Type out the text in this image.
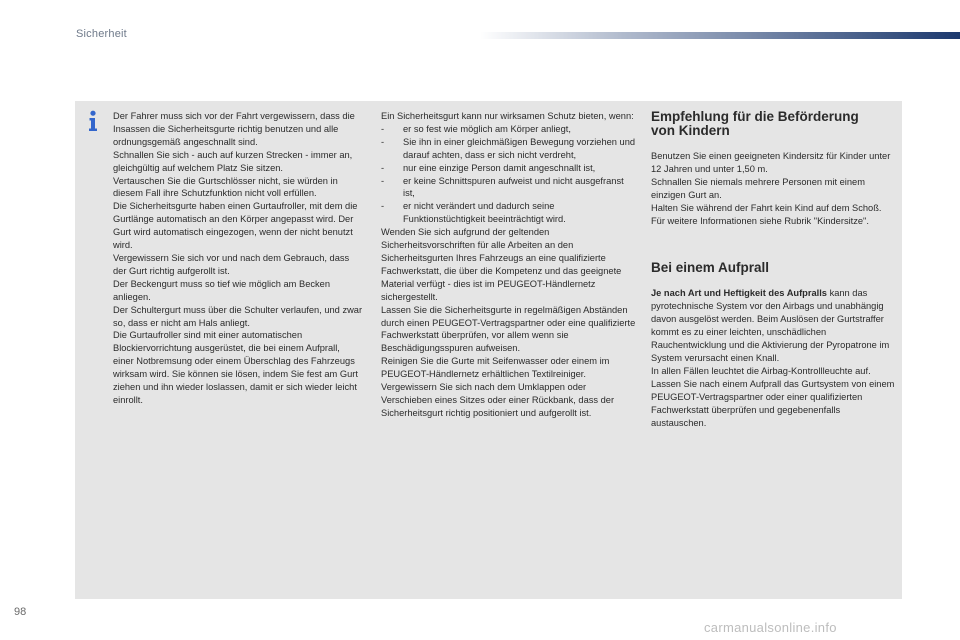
Sicherheit

Der Fahrer muss sich vor der Fahrt vergewissern, dass die Insassen die Sicherheitsgurte richtig benutzen und alle ordnungsgemäß angeschnallt sind.

Schnallen Sie sich - auch auf kurzen Strecken - immer an, gleichgültig auf welchem Platz Sie sitzen.

Vertauschen Sie die Gurtschlösser nicht, sie würden in diesem Fall ihre Schutzfunktion nicht voll erfüllen.

Die Sicherheitsgurte haben einen Gurtaufroller, mit dem die Gurtlänge automatisch an den Körper angepasst wird. Der Gurt wird automatisch eingezogen, wenn der nicht benutzt wird.

Vergewissern Sie sich vor und nach dem Gebrauch, dass der Gurt richtig aufgerollt ist.

Der Beckengurt muss so tief wie möglich am Becken anliegen.

Der Schultergurt muss über die Schulter verlaufen, und zwar so, dass er nicht am Hals anliegt.

Die Gurtaufroller sind mit einer automatischen Blockiervorrichtung ausgerüstet, die bei einem Aufprall, einer Notbremsung oder einem Überschlag des Fahrzeugs wirksam wird. Sie können sie lösen, indem Sie fest am Gurt ziehen und ihn wieder loslassen, damit er sich wieder leicht einrollt.

Ein Sicherheitsgurt kann nur wirksamen Schutz bieten, wenn:

-	er so fest wie möglich am Körper anliegt,
-	Sie ihn in einer gleichmäßigen Bewegung vorziehen und darauf achten, dass er sich nicht verdreht,
-	nur eine einzige Person damit angeschnallt ist,
-	er keine Schnittspuren aufweist und nicht ausgefranst ist,
-	er nicht verändert und dadurch seine Funktionstüchtigkeit beeinträchtigt wird.

Wenden Sie sich aufgrund der geltenden Sicherheitsvorschriften für alle Arbeiten an den Sicherheitsgurten Ihres Fahrzeugs an eine qualifizierte Fachwerkstatt, die über die Kompetenz und das geeignete Material verfügt - dies ist im PEUGEOT-Händlernetz sichergestellt.

Lassen Sie die Sicherheitsgurte in regelmäßigen Abständen durch einen PEUGEOT-Vertragspartner oder eine qualifizierte Fachwerkstatt überprüfen, vor allem wenn sie Beschädigungsspuren aufweisen.

Reinigen Sie die Gurte mit Seifenwasser oder einem im PEUGEOT-Händlernetz erhältlichen Textilreiniger.

Vergewissern Sie sich nach dem Umklappen oder Verschieben eines Sitzes oder einer Rückbank, dass der Sicherheitsgurt richtig positioniert und aufgerollt ist.

Empfehlung für die Beförderung
von Kindern

Benutzen Sie einen geeigneten Kindersitz für Kinder unter 12 Jahren und unter 1,50 m.

Schnallen Sie niemals mehrere Personen mit einem einzigen Gurt an.

Halten Sie während der Fahrt kein Kind auf dem Schoß.

Für weitere Informationen siehe Rubrik "Kindersitze".

Bei einem Aufprall

Je nach Art und Heftigkeit des Aufpralls kann das pyrotechnische System vor den Airbags und unabhängig davon ausgelöst werden. Beim Auslösen der Gurtstraffer kommt es zu einer leichten, unschädlichen Rauchentwicklung und die Aktivierung der Pyropatrone im System verursacht einen Knall.

In allen Fällen leuchtet die Airbag-Kontrollleuchte auf.

Lassen Sie nach einem Aufprall das Gurtsystem von einem PEUGEOT-Vertragspartner oder einer qualifizierten Fachwerkstatt überprüfen und gegebenenfalls austauschen.

98
carmanualsonline.info
